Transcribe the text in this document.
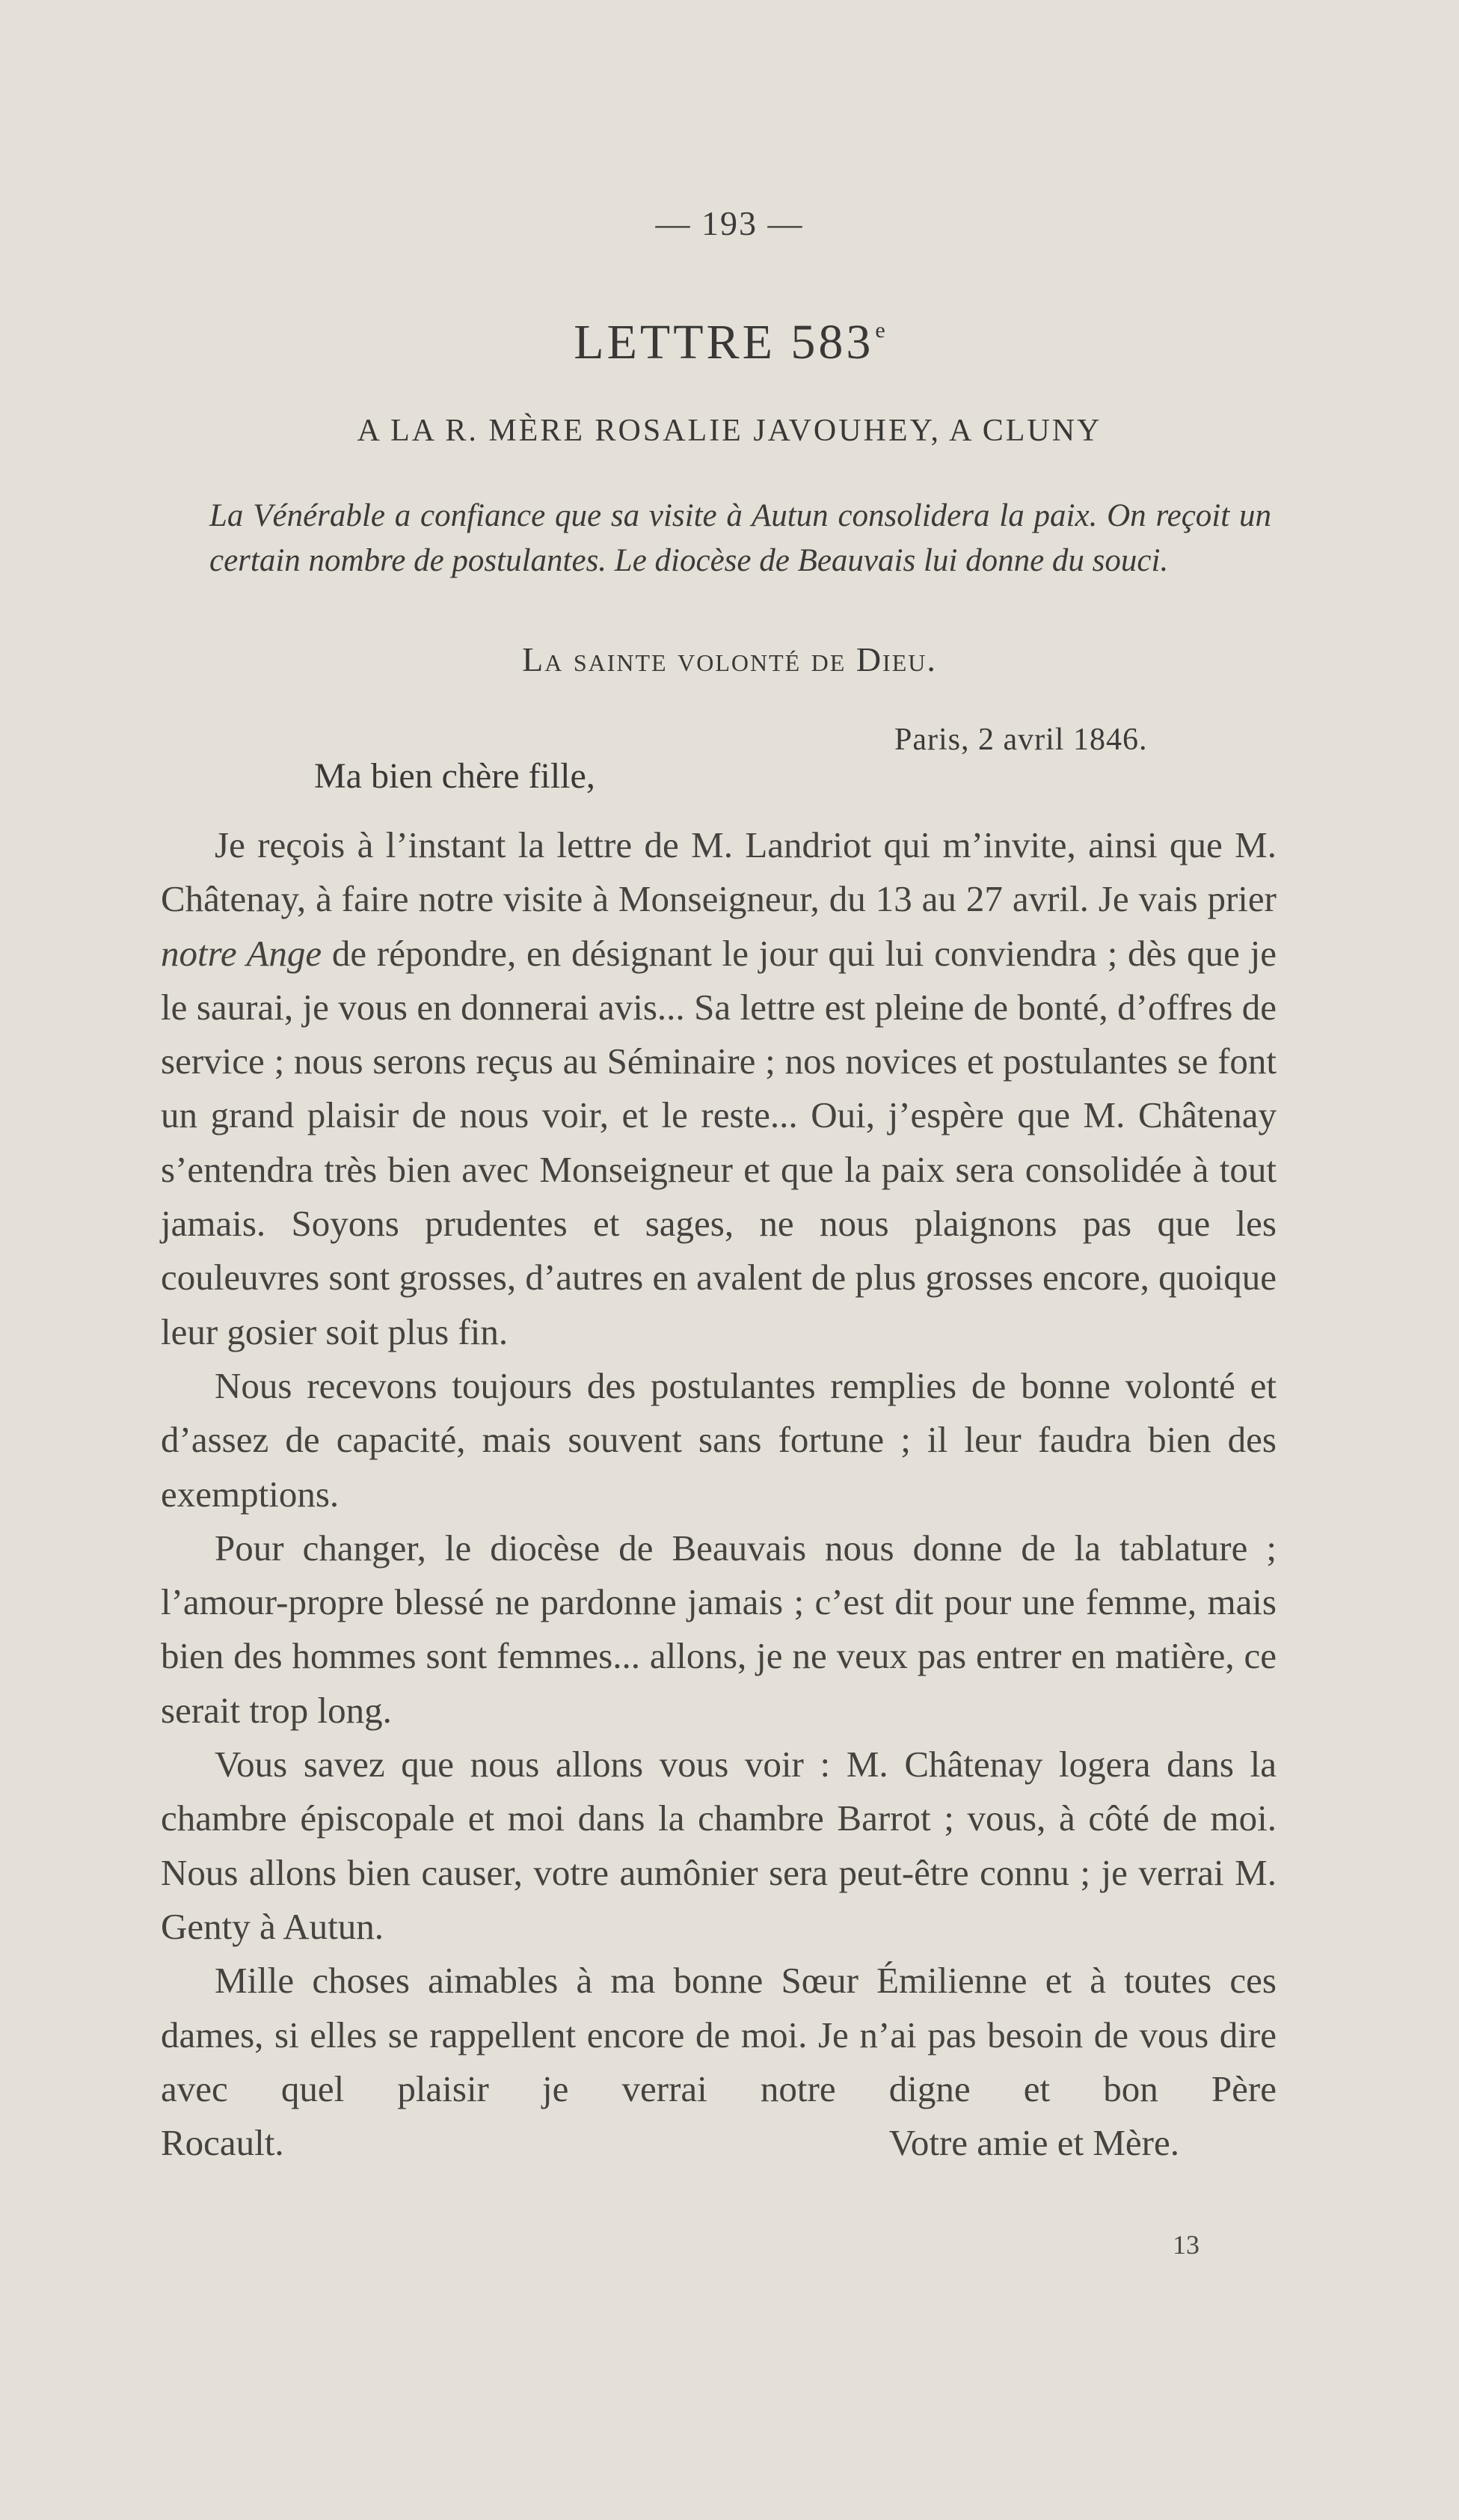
— 193 —
LETTRE 583e
A LA R. MÈRE ROSALIE JAVOUHEY, A CLUNY
La Vénérable a confiance que sa visite à Autun consolidera la paix. On reçoit un certain nombre de postulantes. Le diocèse de Beauvais lui donne du souci.
La sainte volonté de Dieu.
Paris, 2 avril 1846.
Ma bien chère fille,

Je reçois à l’instant la lettre de M. Landriot qui m’invite, ainsi que M. Châtenay, à faire notre visite à Monseigneur, du 13 au 27 avril. Je vais prier notre Ange de répondre, en désignant le jour qui lui conviendra ; dès que je le saurai, je vous en donnerai avis... Sa lettre est pleine de bonté, d’offres de service ; nous serons reçus au Séminaire ; nos novices et postulantes se font un grand plaisir de nous voir, et le reste... Oui, j’espère que M. Châtenay s’entendra très bien avec Monseigneur et que la paix sera consolidée à tout jamais. Soyons prudentes et sages, ne nous plaignons pas que les couleuvres sont grosses, d’autres en avalent de plus grosses encore, quoique leur gosier soit plus fin.

Nous recevons toujours des postulantes remplies de bonne volonté et d’assez de capacité, mais souvent sans fortune ; il leur faudra bien des exemptions.

Pour changer, le diocèse de Beauvais nous donne de la tablature ; l’amour-propre blessé ne pardonne jamais ; c’est dit pour une femme, mais bien des hommes sont femmes... allons, je ne veux pas entrer en matière, ce serait trop long.

Vous savez que nous allons vous voir : M. Châtenay logera dans la chambre épiscopale et moi dans la chambre Barrot ; vous, à côté de moi. Nous allons bien causer, votre aumônier sera peut-être connu ; je verrai M. Genty à Autun.

Mille choses aimables à ma bonne Sœur Émilienne et à toutes ces dames, si elles se rappellent encore de moi. Je n’ai pas besoin de vous dire avec quel plaisir je verrai notre digne et bon Père

Rocault.	Votre amie et Mère.
13
